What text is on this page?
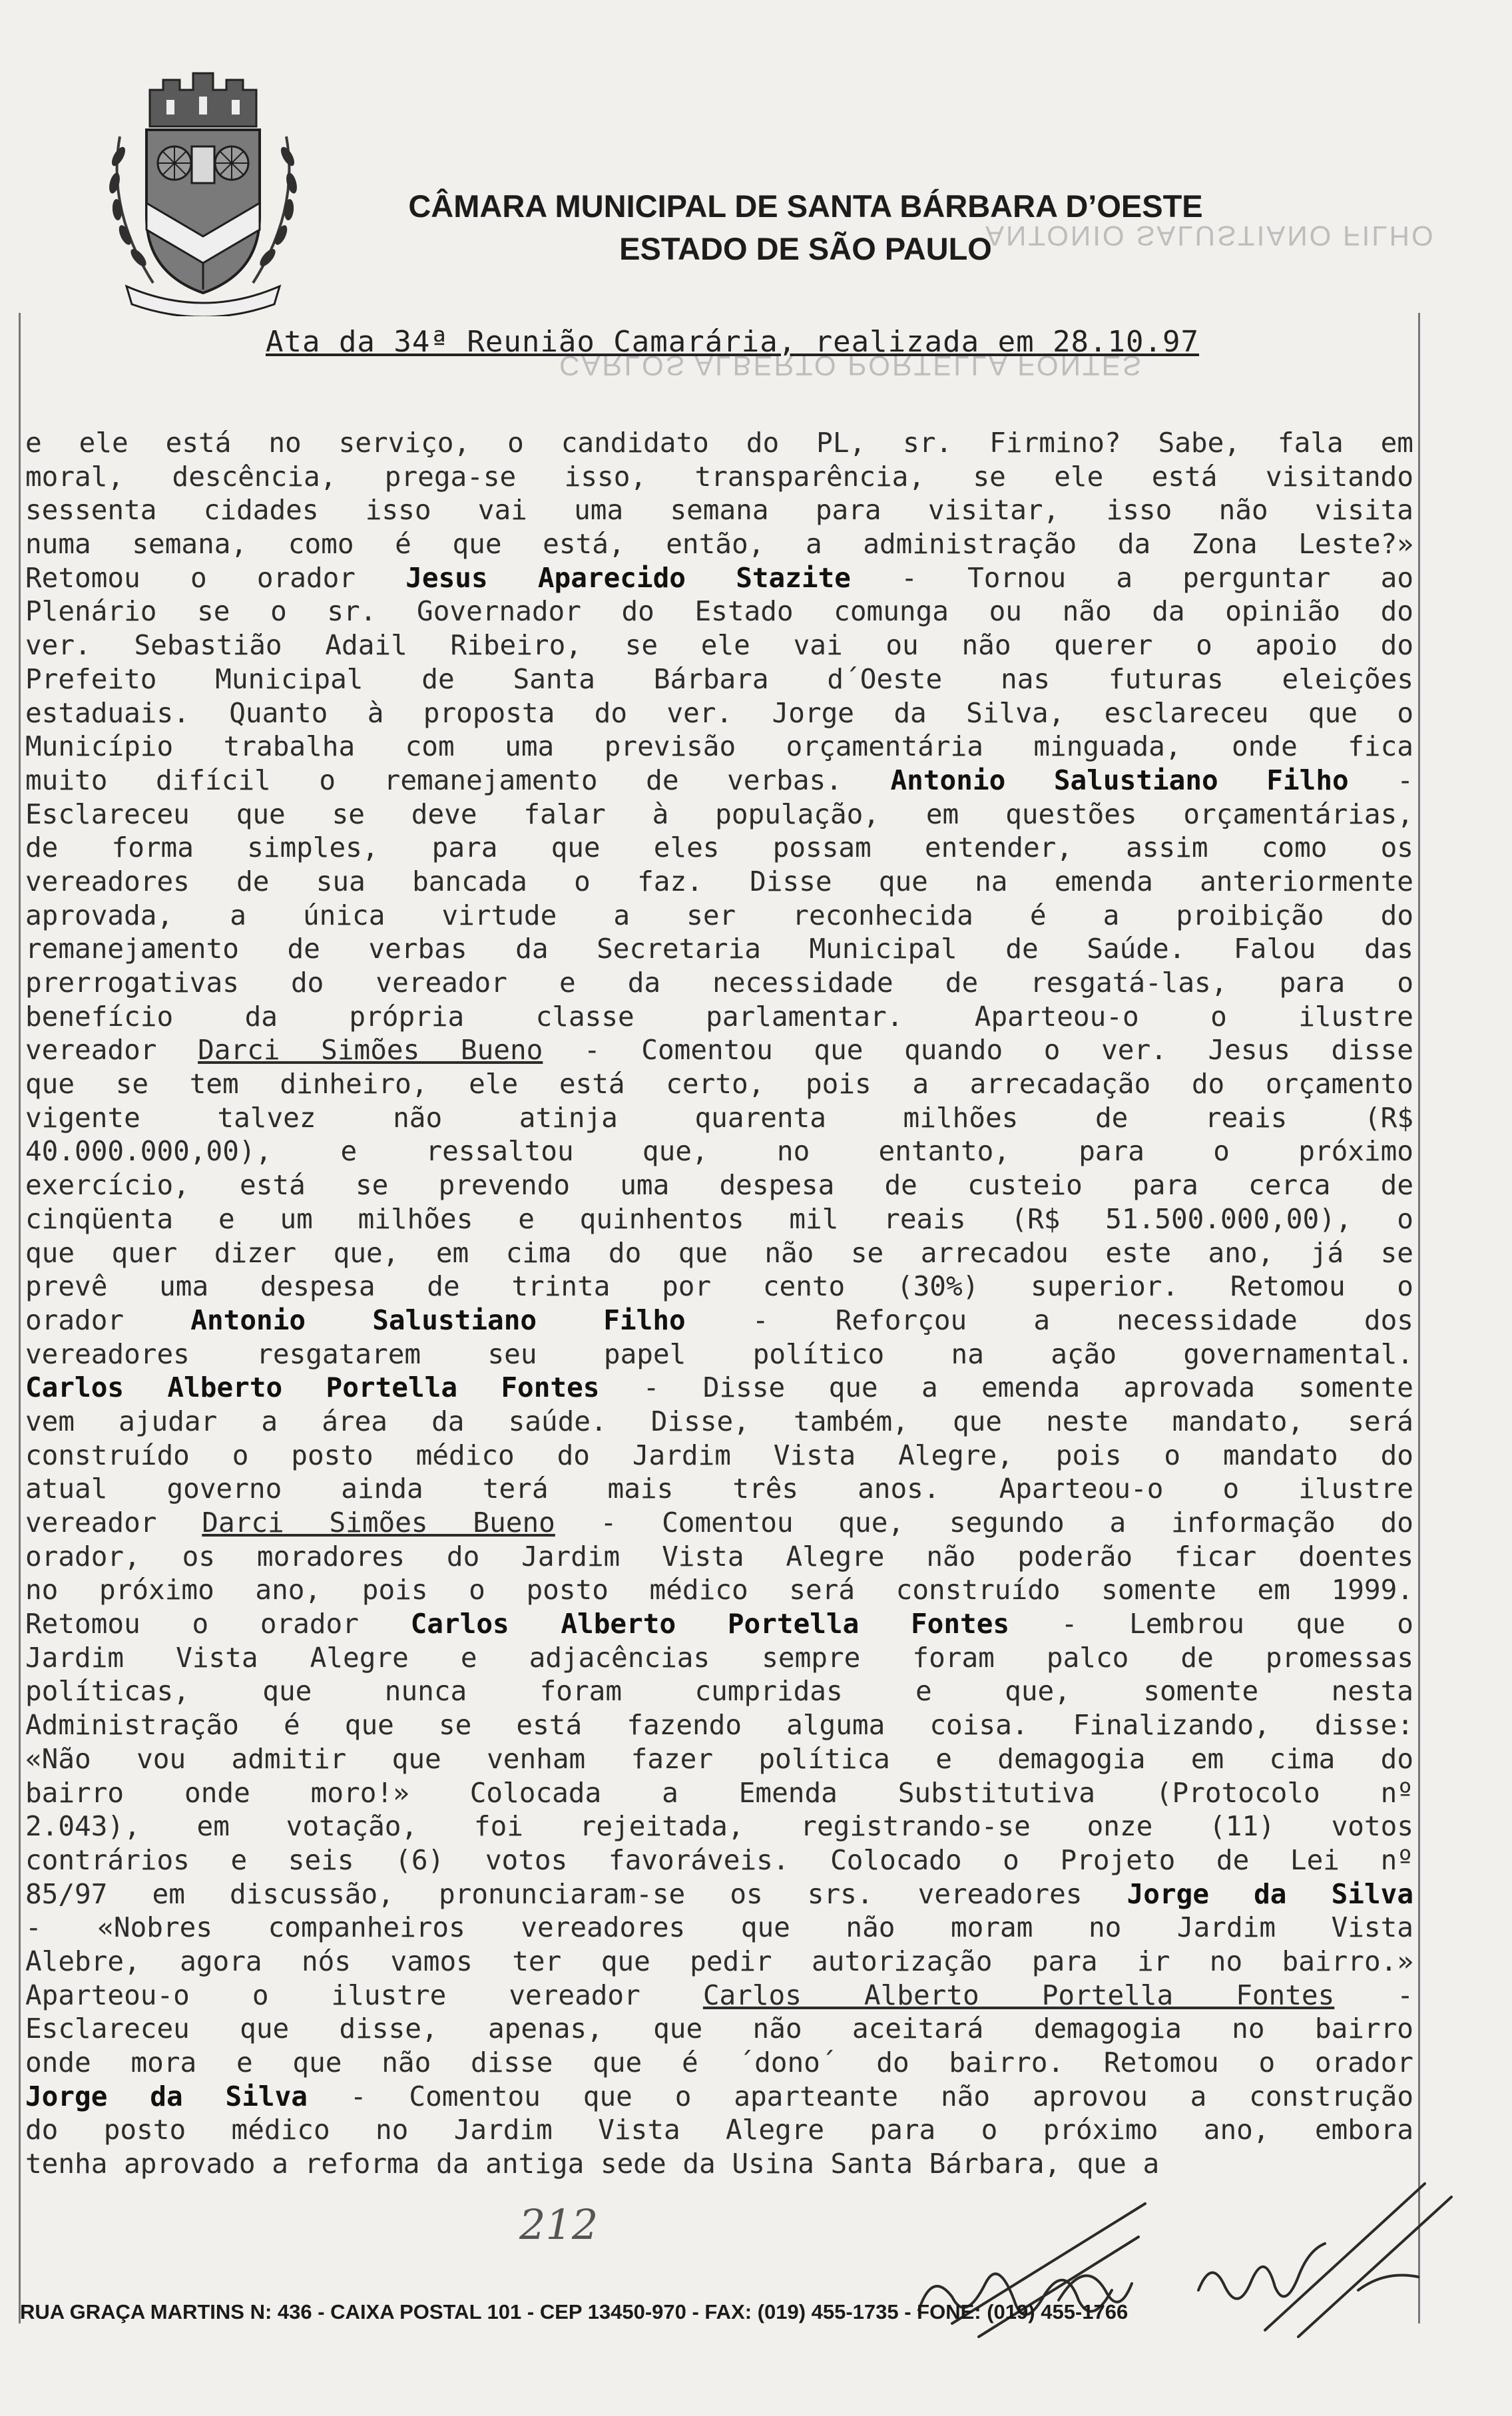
CÂMARA MUNICIPAL DE SANTA BÁRBARA D’OESTE
ESTADO DE SÃO PAULO
ANTONIO SALUSTIANO FILHO
CARLOS ALBERTO PORTELLA FONTES
Ata da 34ª Reunião Camarária, realizada em 28.10.97
e ele está no serviço, o candidato do PL, sr. Firmino? Sabe, fala em
moral, descência, prega-se isso, transparência, se ele está visitando
sessenta cidades isso vai uma semana para visitar, isso não visita
numa semana, como é que está, então, a administração da Zona Leste?»
Retomou o orador Jesus Aparecido Stazite - Tornou a perguntar ao
Plenário se o sr. Governador do Estado comunga ou não da opinião do
ver. Sebastião Adail Ribeiro, se ele vai ou não querer o apoio do
Prefeito Municipal de Santa Bárbara d´Oeste nas futuras eleições
estaduais. Quanto à proposta do ver. Jorge da Silva, esclareceu que o
Município trabalha com uma previsão orçamentária minguada, onde fica
muito difícil o remanejamento de verbas. Antonio Salustiano Filho -
Esclareceu que se deve falar à população, em questões orçamentárias,
de forma simples, para que eles possam entender, assim como os
vereadores de sua bancada o faz. Disse que na emenda anteriormente
aprovada, a única virtude a ser reconhecida é a proibição do
remanejamento de verbas da Secretaria Municipal de Saúde. Falou das
prerrogativas do vereador e da necessidade de resgatá-las, para o
benefício da própria classe parlamentar. Aparteou-o o ilustre
vereador Darci Simões Bueno - Comentou que quando o ver. Jesus disse
que se tem dinheiro, ele está certo, pois a arrecadação do orçamento
vigente talvez não atinja quarenta milhões de reais (R$
40.000.000,00), e ressaltou que, no entanto, para o próximo
exercício, está se prevendo uma despesa de custeio para cerca de
cinqüenta e um milhões e quinhentos mil reais (R$ 51.500.000,00), o
que quer dizer que, em cima do que não se arrecadou este ano, já se
prevê uma despesa de trinta por cento (30%) superior. Retomou o
orador Antonio Salustiano Filho - Reforçou a necessidade dos
vereadores resgatarem seu papel político na ação governamental.
Carlos Alberto Portella Fontes - Disse que a emenda aprovada somente
vem ajudar a área da saúde. Disse, também, que neste mandato, será
construído o posto médico do Jardim Vista Alegre, pois o mandato do
atual governo ainda terá mais três anos. Aparteou-o o ilustre
vereador Darci Simões Bueno - Comentou que, segundo a informação do
orador, os moradores do Jardim Vista Alegre não poderão ficar doentes
no próximo ano, pois o posto médico será construído somente em 1999.
Retomou o orador Carlos Alberto Portella Fontes - Lembrou que o
Jardim Vista Alegre e adjacências sempre foram palco de promessas
políticas, que nunca foram cumpridas e que, somente nesta
Administração é que se está fazendo alguma coisa. Finalizando, disse:
«Não vou admitir que venham fazer política e demagogia em cima do
bairro onde moro!» Colocada a Emenda Substitutiva (Protocolo nº
2.043), em votação, foi rejeitada, registrando-se onze (11) votos
contrários e seis (6) votos favoráveis. Colocado o Projeto de Lei nº
85/97 em discussão, pronunciaram-se os srs. vereadores Jorge da Silva
- «Nobres companheiros vereadores que não moram no Jardim Vista
Alebre, agora nós vamos ter que pedir autorização para ir no bairro.»
Aparteou-o o ilustre vereador Carlos Alberto Portella Fontes -
Esclareceu que disse, apenas, que não aceitará demagogia no bairro
onde mora e que não disse que é ´dono´ do bairro. Retomou o orador
Jorge da Silva - Comentou que o aparteante não aprovou a construção
do posto médico no Jardim Vista Alegre para o próximo ano, embora
tenha aprovado a reforma da antiga sede da Usina Santa Bárbara, que a
212
RUA GRAÇA MARTINS N: 436 - CAIXA POSTAL 101 - CEP 13450-970 - FAX: (019) 455-1735 - FONE: (019) 455-1766
